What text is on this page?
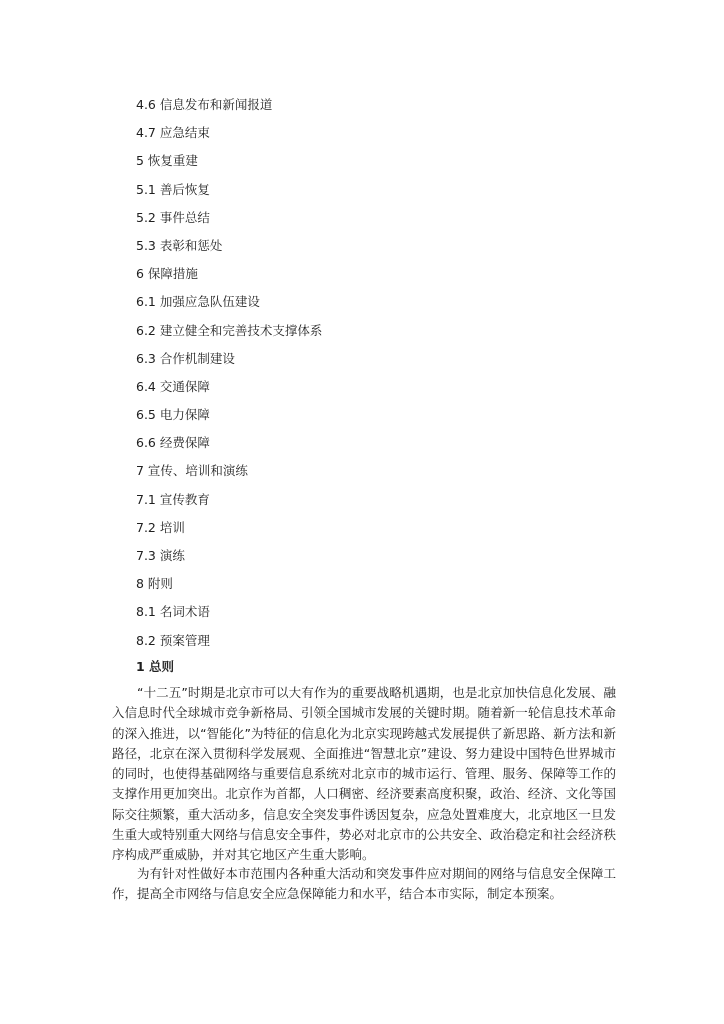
4.6 信息发布和新闻报道
4.7 应急结束
5 恢复重建
5.1 善后恢复
5.2 事件总结
5.3 表彰和惩处
6 保障措施
6.1 加强应急队伍建设
6.2 建立健全和完善技术支撑体系
6.3 合作机制建设
6.4 交通保障
6.5 电力保障
6.6 经费保障
7 宣传、培训和演练
7.1 宣传教育
7.2 培训
7.3 演练
8 附则
8.1 名词术语
8.2 预案管理
1 总则

“十二五”时期是北京市可以大有作为的重要战略机遇期，也是北京加快信息化发展、融入信息时代全球城市竞争新格局、引领全国城市发展的关键时期。随着新一轮信息技术革命的深入推进，以“智能化”为特征的信息化为北京实现跨越式发展提供了新思路、新方法和新路径，北京在深入贯彻科学发展观、全面推进“智慧北京”建设、努力建设中国特色世界城市的同时，也使得基础网络与重要信息系统对北京市的城市运行、管理、服务、保障等工作的支撑作用更加突出。北京作为首都，人口稠密、经济要素高度积聚，政治、经济、文化等国际交往频繁，重大活动多，信息安全突发事件诱因复杂，应急处置难度大，北京地区一旦发生重大或特别重大网络与信息安全事件，势必对北京市的公共安全、政治稳定和社会经济秩序构成严重威胁，并对其它地区产生重大影响。

为有针对性做好本市范围内各种重大活动和突发事件应对期间的网络与信息安全保障工作，提高全市网络与信息安全应急保障能力和水平，结合本市实际，制定本预案。
